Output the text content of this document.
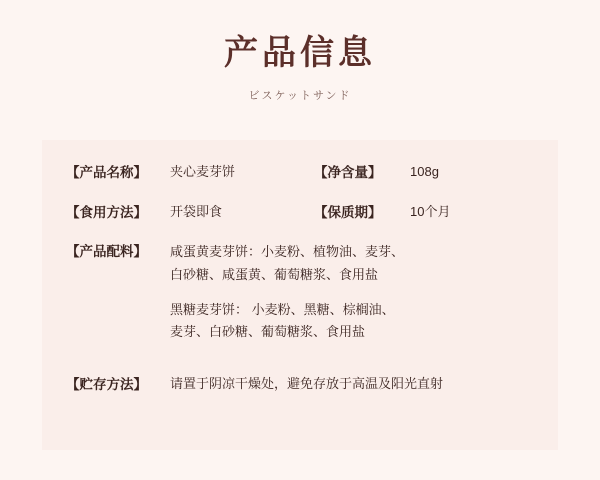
产品信息
ビスケットサンド
【产品名称】	夹心麦芽饼	【净含量】	108g
【食用方法】	开袋即食	【保质期】	10个月
【产品配料】	咸蛋黄麦芽饼：小麦粉、植物油、麦芽、
白砂糖、咸蛋黄、葡萄糖浆、食用盐
黑糖麦芽饼： 小麦粉、黑糖、棕榈油、
麦芽、白砂糖、葡萄糖浆、食用盐
【贮存方法】	请置于阴凉干燥处，避免存放于高温及阳光直射
